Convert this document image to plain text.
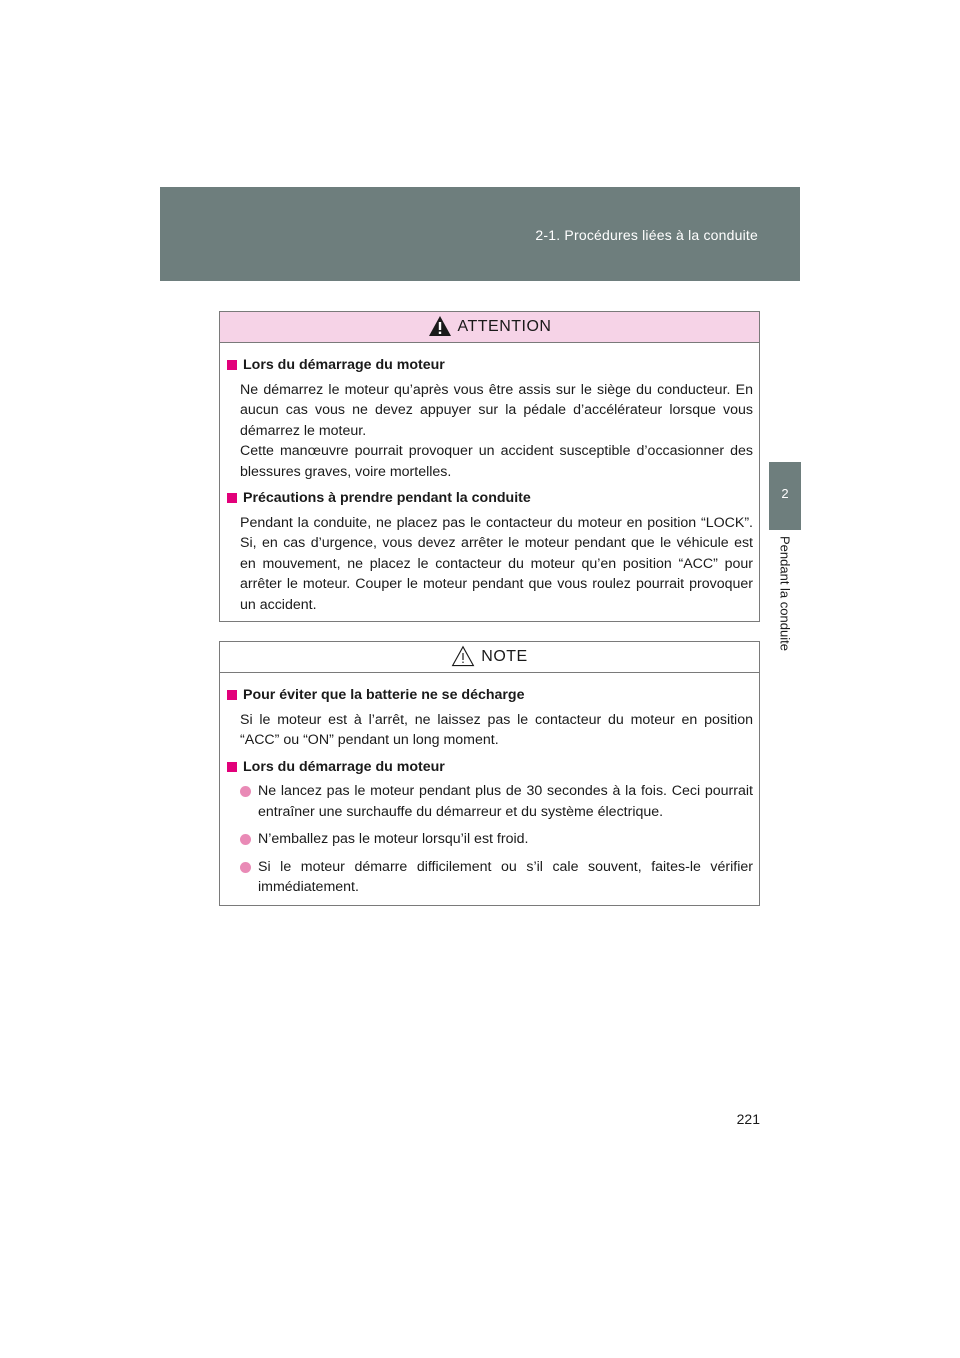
2-1. Procédures liées à la conduite
2
Pendant la conduite
ATTENTION
Lors du démarrage du moteur

Ne démarrez le moteur qu’après vous être assis sur le siège du conducteur. En aucun cas vous ne devez appuyer sur la pédale d’accélérateur lorsque vous démarrez le moteur.

Cette manœuvre pourrait provoquer un accident susceptible d’occasionner des blessures graves, voire mortelles.

Précautions à prendre pendant la conduite

Pendant la conduite, ne placez pas le contacteur du moteur en position “LOCK”. Si, en cas d’urgence, vous devez arrêter le moteur pendant que le véhicule est en mouvement, ne placez le contacteur du moteur qu’en position “ACC” pour arrêter le moteur. Couper le moteur pendant que vous roulez pourrait provoquer un accident.

NOTE
Pour éviter que la batterie ne se décharge

Si le moteur est à l’arrêt, ne laissez pas le contacteur du moteur en position “ACC” ou “ON” pendant un long moment.

Lors du démarrage du moteur
Ne lancez pas le moteur pendant plus de 30 secondes à la fois. Ceci pourrait entraîner une surchauffe du démarreur et du système électrique.
N’emballez pas le moteur lorsqu’il est froid.
Si le moteur démarre difficilement ou s’il cale souvent, faites-le vérifier immédiatement.
221
